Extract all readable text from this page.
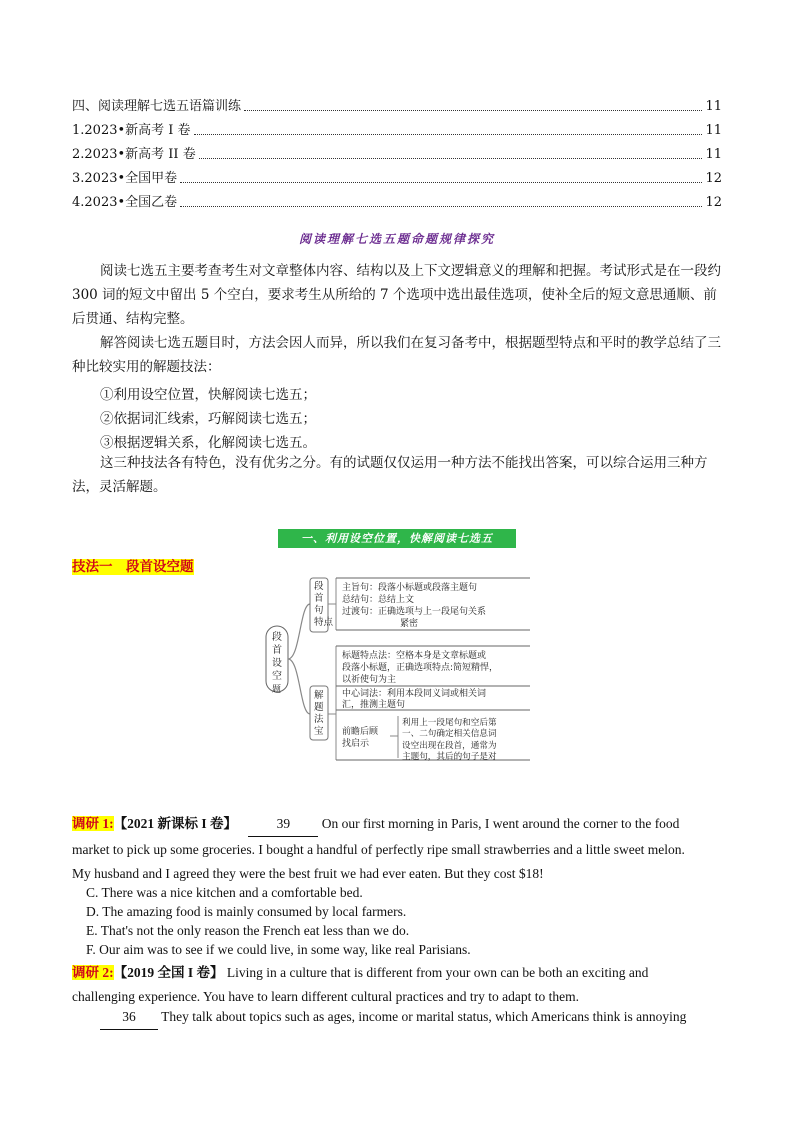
四、阅读理解七选五语篇训练	11
1.2023•新高考 I 卷	11
2.2023•新高考 II 卷	11
3.2023•全国甲卷	12
4.2023•全国乙卷	12
阅读理解七选五题命题规律探究
阅读七选五主要考查考生对文章整体内容、结构以及上下文逻辑意义的理解和把握。考试形式是在一段约 300 词的短文中留出 5 个空白，要求考生从所给的 7 个选项中选出最佳选项，使补全后的短文意思通顺、前后贯通、结构完整。
解答阅读七选五题目时，方法会因人而异，所以我们在复习备考中，根据题型特点和平时的教学总结了三种比较实用的解题技法：
①利用设空位置，快解阅读七选五；
②依据词汇线索，巧解阅读七选五；
③根据逻辑关系，化解阅读七选五。
这三种技法各有特色，没有优劣之分。有的试题仅仅运用一种方法不能找出答案，可以综合运用三种方法，灵活解题。
一、利用设空位置，快解阅读七选五
技法一　段首设空题
段 首 设 空 题
段首句特点
解题法宝
主旨句：段落小标题或段落主题句 总结句：总结上文 过渡句：正确选项与上一段尾句关系 紧密
标题特点法：空格本身是文章标题或 段落小标题，正确选项特点:简短精悍， 以祈使句为主
中心词法：利用本段同义词或相关词 汇，推测主题句
前瞻后顾找启示
利用上一段尾句和空后第 一、二句确定相关信息词
设空出现在段首，通常为 主题句，其后的句子是对
调研 1:【2021 新课标 I 卷】	39 On our first morning in Paris, I went around the corner to the food
market to pick up some groceries. I bought a handful of perfectly ripe small strawberries and a little sweet melon.
My husband and I agreed they were the best fruit we had ever eaten. But they cost $18!
C. There was a nice kitchen and a comfortable bed.
D. The amazing food is mainly consumed by local farmers.
E. That's not the only reason the French eat less than we do.
F. Our aim was to see if we could live, in some way, like real Parisians.
调研 2:【2019 全国 I 卷】 Living in a culture that is different from your own can be both an exciting and
challenging experience. You have to learn different cultural practices and try to adapt to them.
36 They talk about topics such as ages, income or marital status, which Americans think is annoying
